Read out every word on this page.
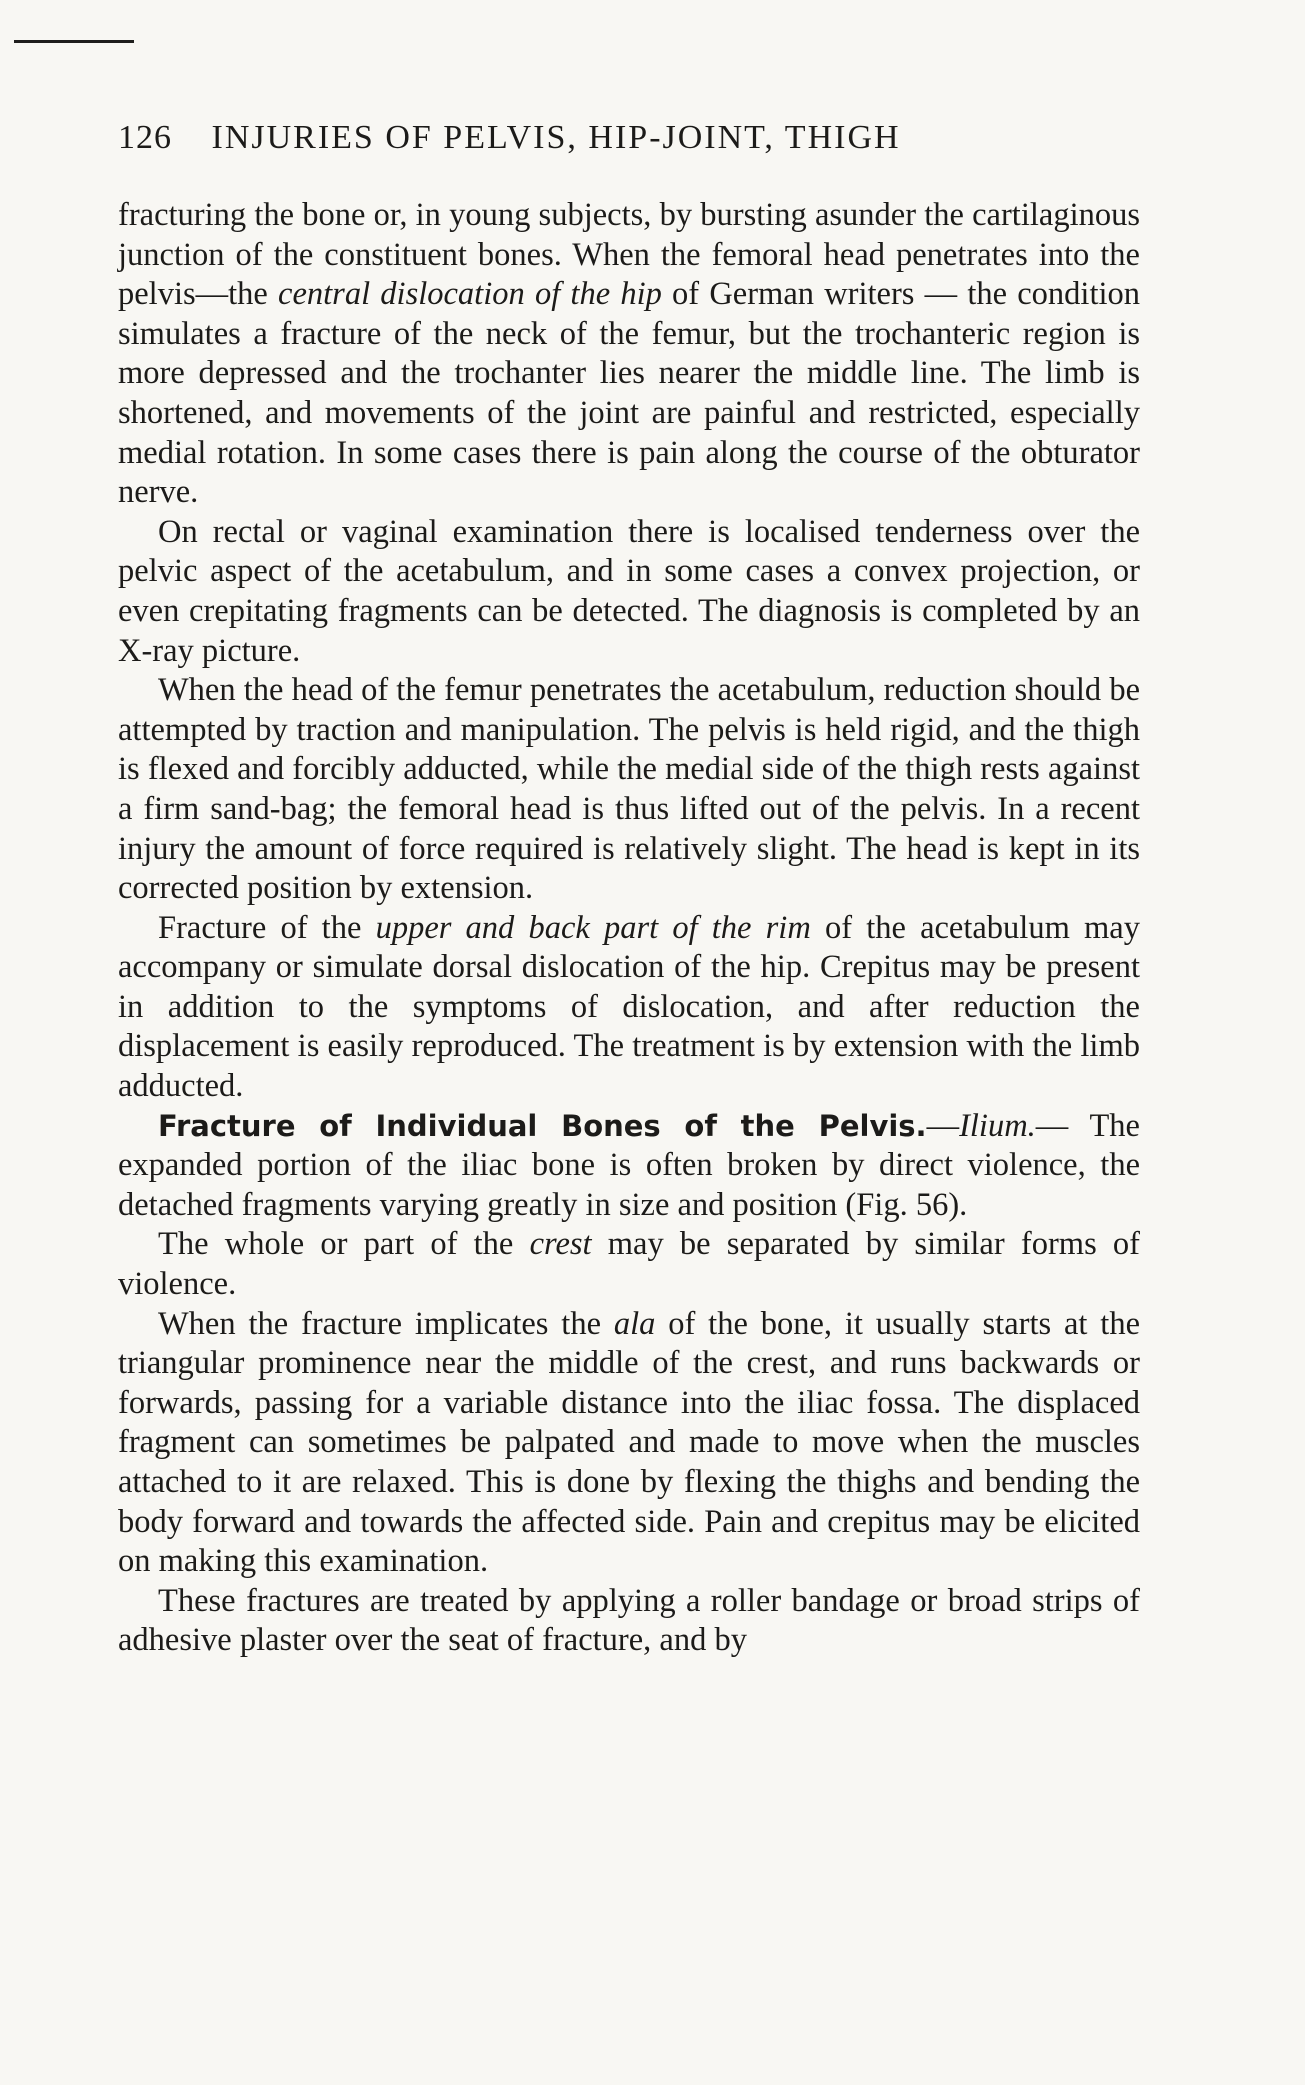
126 INJURIES OF PELVIS, HIP-JOINT, THIGH

fracturing the bone or, in young subjects, by bursting asunder the cartilaginous junction of the constituent bones. When the femoral head penetrates into the pelvis—the central dislocation of the hip of German writers — the condition simulates a fracture of the neck of the femur, but the trochanteric region is more depressed and the trochanter lies nearer the middle line. The limb is shortened, and movements of the joint are painful and restricted, especially medial rotation. In some cases there is pain along the course of the obturator nerve.

On rectal or vaginal examination there is localised tenderness over the pelvic aspect of the acetabulum, and in some cases a convex projection, or even crepitating fragments can be detected. The diagnosis is completed by an X-ray picture.

When the head of the femur penetrates the acetabulum, reduction should be attempted by traction and manipulation. The pelvis is held rigid, and the thigh is flexed and forcibly adducted, while the medial side of the thigh rests against a firm sand-bag; the femoral head is thus lifted out of the pelvis. In a recent injury the amount of force required is relatively slight. The head is kept in its corrected position by extension.

Fracture of the upper and back part of the rim of the acetabulum may accompany or simulate dorsal dislocation of the hip. Crepitus may be present in addition to the symptoms of dislocation, and after reduction the displacement is easily reproduced. The treatment is by extension with the limb adducted.

Fracture of Individual Bones of the Pelvis.—Ilium.— The expanded portion of the iliac bone is often broken by direct violence, the detached fragments varying greatly in size and position (Fig. 56).

The whole or part of the crest may be separated by similar forms of violence.

When the fracture implicates the ala of the bone, it usually starts at the triangular prominence near the middle of the crest, and runs backwards or forwards, passing for a variable distance into the iliac fossa. The displaced fragment can sometimes be palpated and made to move when the muscles attached to it are relaxed. This is done by flexing the thighs and bending the body forward and towards the affected side. Pain and crepitus may be elicited on making this examination.

These fractures are treated by applying a roller bandage or broad strips of adhesive plaster over the seat of fracture, and by
